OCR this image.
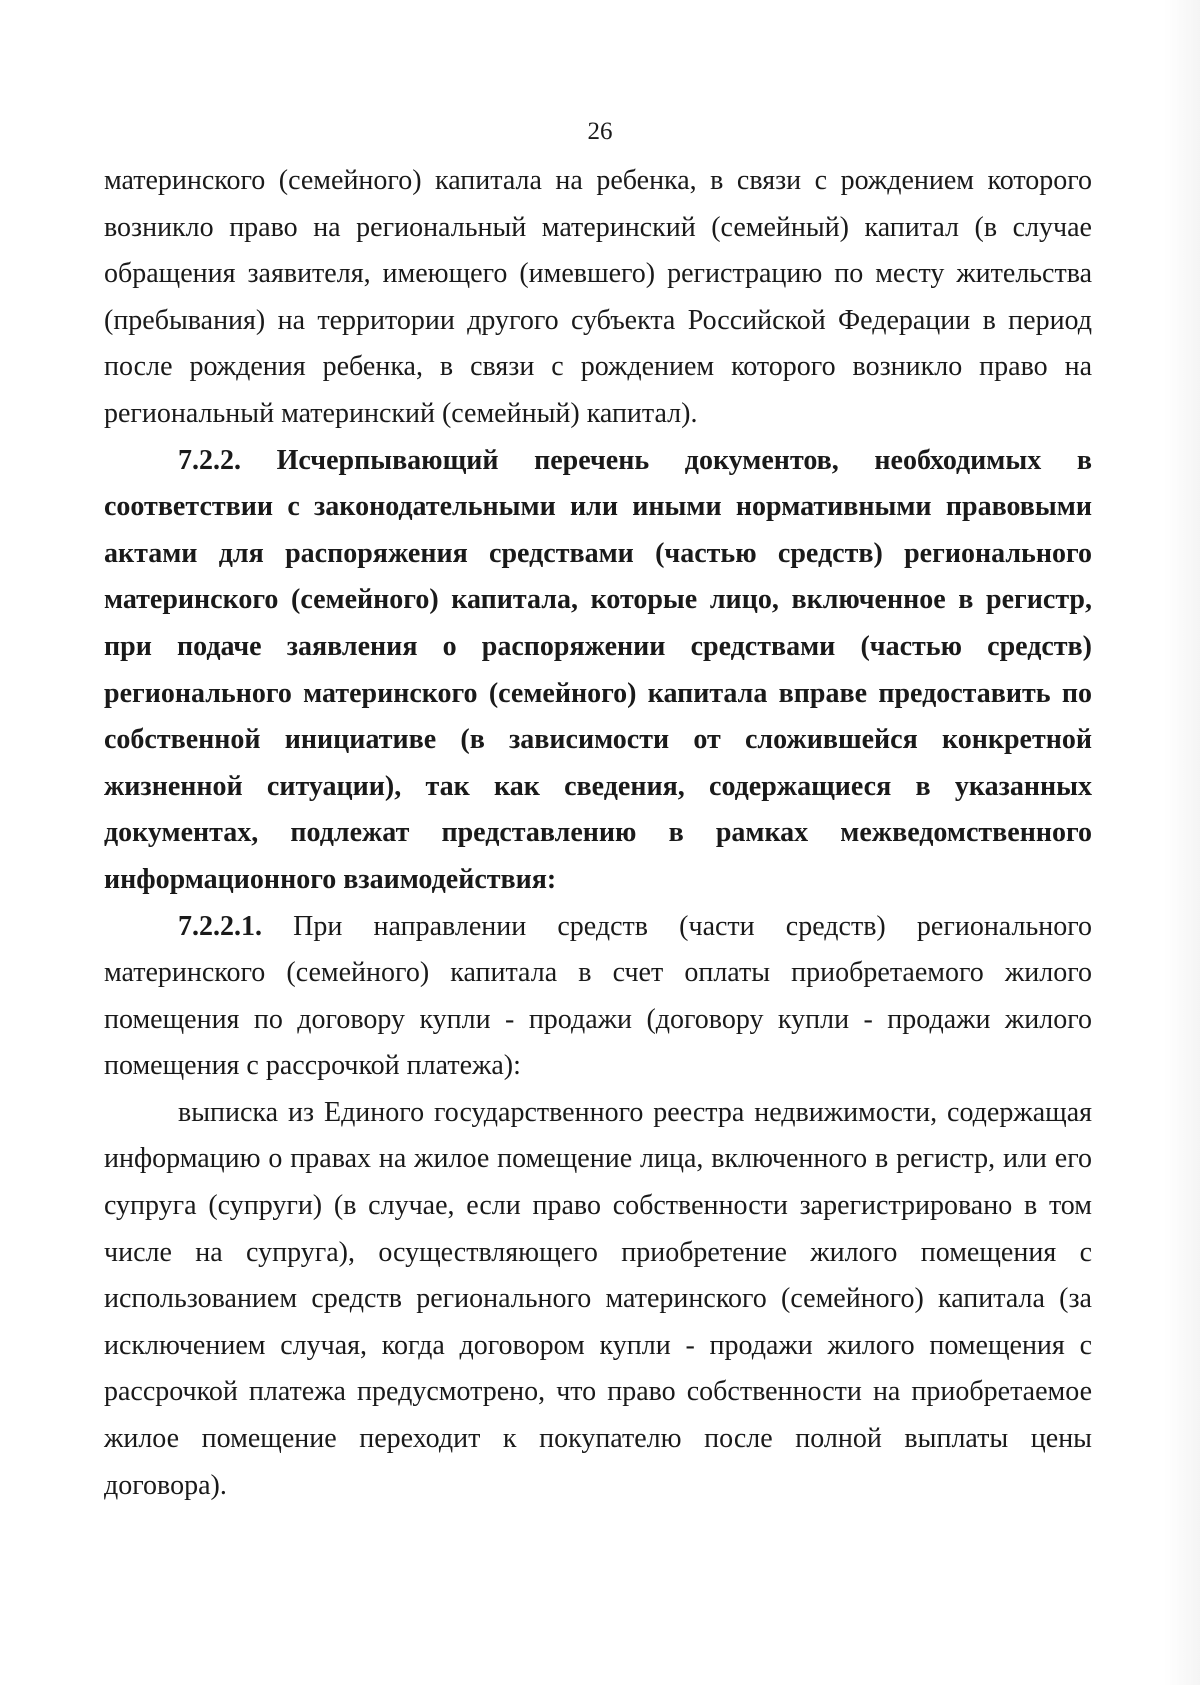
26

материнского (семейного) капитала на ребенка, в связи с рождением которого возникло право на региональный материнский (семейный) капитал (в случае обращения заявителя, имеющего (имевшего) регистрацию по месту жительства (пребывания) на территории другого субъекта Российской Федерации в период после рождения ребенка, в связи с рождением которого возникло право на региональный материнский (семейный) капитал).

7.2.2. Исчерпывающий перечень документов, необходимых в соответствии с законодательными или иными нормативными правовыми актами для распоряжения средствами (частью средств) регионального материнского (семейного) капитала, которые лицо, включенное в регистр, при подаче заявления о распоряжении средствами (частью средств) регионального материнского (семейного) капитала вправе предоставить по собственной инициативе (в зависимости от сложившейся конкретной жизненной ситуации), так как сведения, содержащиеся в указанных документах, подлежат представлению в рамках межведомственного информационного взаимодействия:

7.2.2.1. При направлении средств (части средств) регионального материнского (семейного) капитала в счет оплаты приобретаемого жилого помещения по договору купли - продажи (договору купли - продажи жилого помещения с рассрочкой платежа):

выписка из Единого государственного реестра недвижимости, содержащая информацию о правах на жилое помещение лица, включенного в регистр, или его супруга (супруги) (в случае, если право собственности зарегистрировано в том числе на супруга), осуществляющего приобретение жилого помещения с использованием средств регионального материнского (семейного) капитала (за исключением случая, когда договором купли - продажи жилого помещения с рассрочкой платежа предусмотрено, что право собственности на приобретаемое жилое помещение переходит к покупателю после полной выплаты цены договора).
